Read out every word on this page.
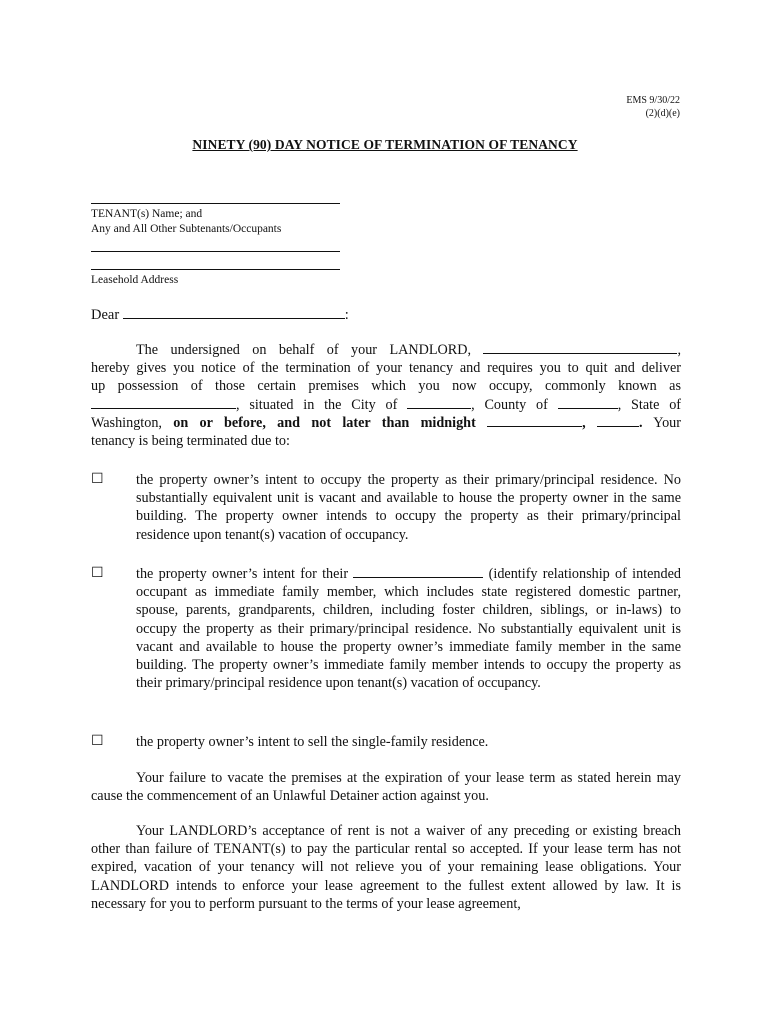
EMS 9/30/22
(2)(d)(e)
NINETY (90) DAY NOTICE OF TERMINATION OF TENANCY
TENANT(s) Name; and
Any and All Other Subtenants/Occupants
Leasehold Address
Dear	:
The undersigned on behalf of your LANDLORD,	,
hereby gives you notice of the termination of your tenancy and requires you to quit and deliver
up possession of those certain premises which you now occupy, commonly known as
, situated in the City of	, County of	, State of
Washington, on or before, and not later than midnight	,	. Your
tenancy is being terminated due to:
☐ the property owner’s intent to occupy the property as their primary/principal residence. No substantially equivalent unit is vacant and available to house the property owner in the same building. The property owner intends to occupy the property as their primary/principal residence upon tenant(s) vacation of occupancy.
☐ the property owner’s intent for their	(identify relationship of intended occupant as immediate family member, which includes state registered domestic partner, spouse, parents, grandparents, children, including foster children, siblings, or in-laws) to occupy the property as their primary/principal residence. No substantially equivalent unit is vacant and available to house the property owner’s immediate family member in the same building. The property owner’s immediate family member intends to occupy the property as their primary/principal residence upon tenant(s) vacation of occupancy.
☐ the property owner’s intent to sell the single-family residence.
Your failure to vacate the premises at the expiration of your lease term as stated herein may cause the commencement of an Unlawful Detainer action against you.
Your LANDLORD’s acceptance of rent is not a waiver of any preceding or existing breach other than failure of TENANT(s) to pay the particular rental so accepted. If your lease term has not expired, vacation of your tenancy will not relieve you of your remaining lease obligations. Your LANDLORD intends to enforce your lease agreement to the fullest extent allowed by law. It is necessary for you to perform pursuant to the terms of your lease agreement,
